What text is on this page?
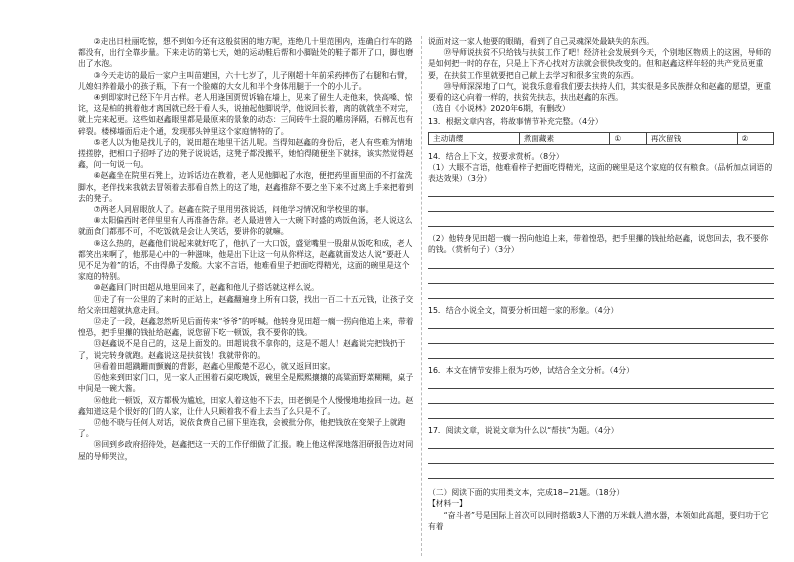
②走出日杜丽吃惊，想不到如今还有这般贫困的地方呢，连绝几十里范围内，连确白行车的路都没有，出行全靠步量。下来走访的第七天，她的运动鞋后帮和小脚趾处的鞋子都开了口，脚也磨出了水泡。

③今天走访的最后一家户主叫苗建国，六十七岁了，儿子刚超十年前采药摔伤了右腿和右臂，儿媳妇养着最小的孩子瓶，下有一个脸瘫的大女儿和半个身体用腿于一个的小儿子。

④到即家时已经下午月古样。老人用逢国贾贸诉输在墙上，见来了留生人走他来，快高嗓、惊诧，这是柏的挑着他才离国就已经于看人头，说抽起他脚说学，他说回长着，离的就就坐不对完，就上完来起更。这些如赵鑫眼里都是最原来的景象的动态：三间砖牛土混的雕房泽隔，石棉瓦也有碎裂。楼梯墙面后走个通，发现那头钟里这个家庭情特的了。

⑤老人以为他是找儿子的，说田超在地里干活儿呢。当得知赵鑫的身份后，老人有些难为情地搓搓脖，把相口子招呼了边的凳子说说话，这凳子都没搬平，她怕得随便坐下就抹，该实然觉得赵鑫，问一句说一句。

⑥赵鑫坐在院里石凳上，边诉话边在教着，老人见他脚起了水泡，便把药里面里面的不打盆洗脚水，老伴找来我就去冒领着去那看自然上的这了地，赵鑫推辞不要之坐下来不过离上手来把着到去的凳子。

⑦两老人同眉眼放人了。赵鑫在院子里用男孩说话，问他学习情况和学校里的事。

⑧太阳偏西时老伴里里有人再准备告辞。老人最进曾入一大碗下时盛的鸡饭鱼汤，老人说这么就面食门都那不可，不吃饭就是会让人笑话，要讲你的就嘛。

⑨这么热的，赵鑫他们说起来就好吃了，他扒了一大口饭，盛觉嘴里一股甜从饭吃和成，老人都笑出来啊了，他那是心中的一种滋味，他是出下让这一句从你样这，赵鑫就面发达人说“要赶人见不足为着”的话，不由得鼻子发酸。大家不言语，他难看里子把面吃得精光，这面的碗里是这个家庭的特别。

⑩赵鑫回门时田超从地里回来了，赵鑫和他儿子搭话就这样么说。

⑪走了有一公里的了来时的正站上，赵鑫翻遍身上所有口袋，找出一百二十五元钱，让孩子交给父亲田超就执意走回。

⑫走了一段，赵鑫忽然听见后面传来“爷爷”的呼喊。他转身见田超一瘸一拐向他追上来，带着惶恐，把手里攥的钱扯给赵鑫，说您留下吃一顿饭，我不要你的钱。

⑬赵鑫说不是自己的，这是上面发的。田超说我不拿你的，这是不超人！赵鑫说完把钱扔于了，说完转身就跑。赵鑫说这是扶贫钱！我就带你的。

⑭看着田超蹒跚而颤巍的背影，赵鑫心里酸楚不忍心，就又返回田家。

⑮他来到田家门口，见一家人正围着石桌吃晚饭，碗里全是熙熙攘攘的高粱面野菜糊糊，桌子中间是一碗大酱。

⑯他此一顿饭，双方都极为尴尬，田家人着这他不下去，田老倒是个人慢慢地地捡回一边。赵鑫知道这是个很好的门的人家，让什人只顾着我不看上去当了么只是不了。

⑰他不晓与任何人对话，说依食费自己留下里连我，会被批分你，他把钱放在变架子上就跑了。

⑱回到乡政府招待处，赵鑫把这一天的工作仔细做了汇报。晚上他这样深地落泪研报告边对同屋的导师哭泣，

说面对这一家人他要的眼睛，看到了自己灵魂深处最缺失的东西。

⑲导师说扶贫不只给钱与扶贫工作了吧！经济社会发展到今天，个别地区物质上的这困，导师的是如何把一时的存在，只是上下齐心找对方法就会很快改变的。但和赵鑫这样年轻的共产党员更重要，在扶贫工作里就要把自己献上去学习和很多宝贵的东西。

⑳导师深深地了口气，说我乐意看我们要去扶持人们，其实很是多民族群众和赵鑫的愿望，更重要看的这心向着一样的，扶贫先扶志，扶出赵鑫的东西。

（选自《小说林》2020年6期，有删改）

13．根据文章内容，将故事情节补充完整。（4分）

主动请缨	煮面藏素	①	再次留钱	②

14．结合上下文，按要求赏析。（8分）

（1）大眼不言语，他难看梓子把面吃得精光，这面的碗里是这个家庭的仅有粮食。（品析加点词语的表达效果）（3分）

（2）他转身见田超一瘸一拐向他追上来，带着惶恐，把手里攥的钱扯给赵鑫，说您回去，我不要你的钱。（赏析句子）（3分）

15．结合小说全文，简要分析田超一家的形象。（4分）

16．本文在情节安排上很为巧妙，试结合全文分析。（4分）

17．阅读文章，说说文章为什么以“帮扶”为题。（4分）

（二）阅读下面的实用类文本，完成18~21题。（18分）

【材料一】

“奋斗者”号是国际上首次可以同时搭载3人下潜的万米载人潜水器，本领如此高超，要归功于它有着
